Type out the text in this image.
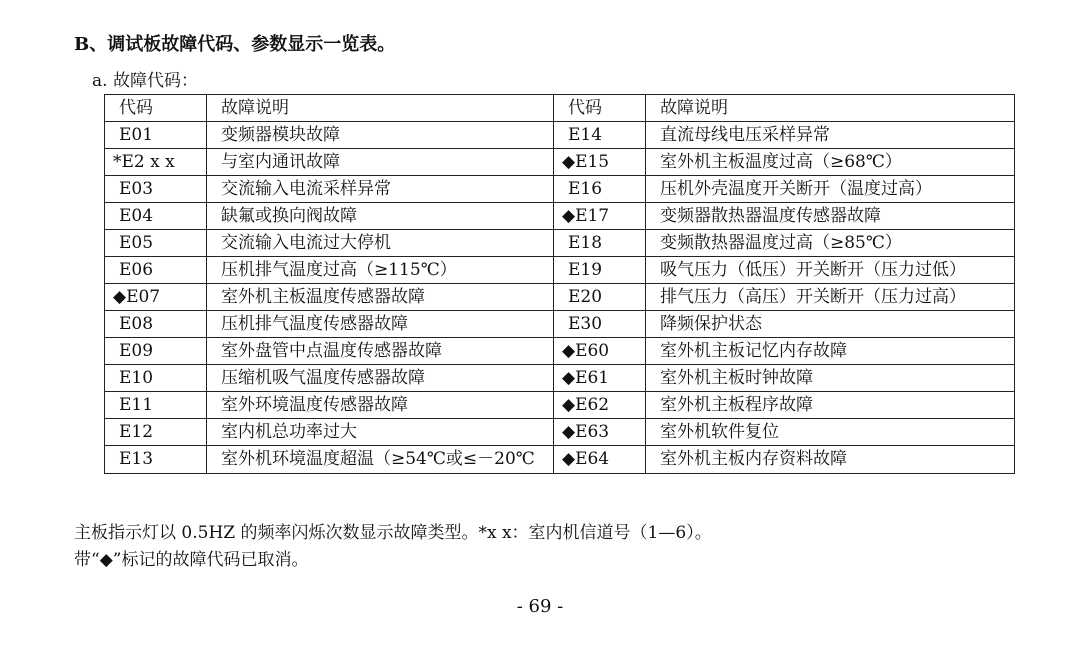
B、调试板故障代码、参数显示一览表。

a. 故障代码：

代码	故障说明	代码	故障说明
E01	变频器模块故障	E14	直流母线电压采样异常
*E2 x x	与室内通讯故障	◆E15	室外机主板温度过高（≥68℃）
E03	交流输入电流采样异常	E16	压机外壳温度开关断开（温度过高）
E04	缺氟或换向阀故障	◆E17	变频器散热器温度传感器故障
E05	交流输入电流过大停机	E18	变频散热器温度过高（≥85℃）
E06	压机排气温度过高（≥115℃）	E19	吸气压力（低压）开关断开（压力过低）
◆E07	室外机主板温度传感器故障	E20	排气压力（高压）开关断开（压力过高）
E08	压机排气温度传感器故障	E30	降频保护状态
E09	室外盘管中点温度传感器故障	◆E60	室外机主板记忆内存故障
E10	压缩机吸气温度传感器故障	◆E61	室外机主板时钟故障
E11	室外环境温度传感器故障	◆E62	室外机主板程序故障
E12	室内机总功率过大	◆E63	室外机软件复位
E13	室外机环境温度超温（≥54℃或≤－20℃	◆E64	室外机主板内存资料故障

主板指示灯以 0.5HZ 的频率闪烁次数显示故障类型。*x x：室内机信道号（1—6）。

带“◆”标记的故障代码已取消。

- 69 -
